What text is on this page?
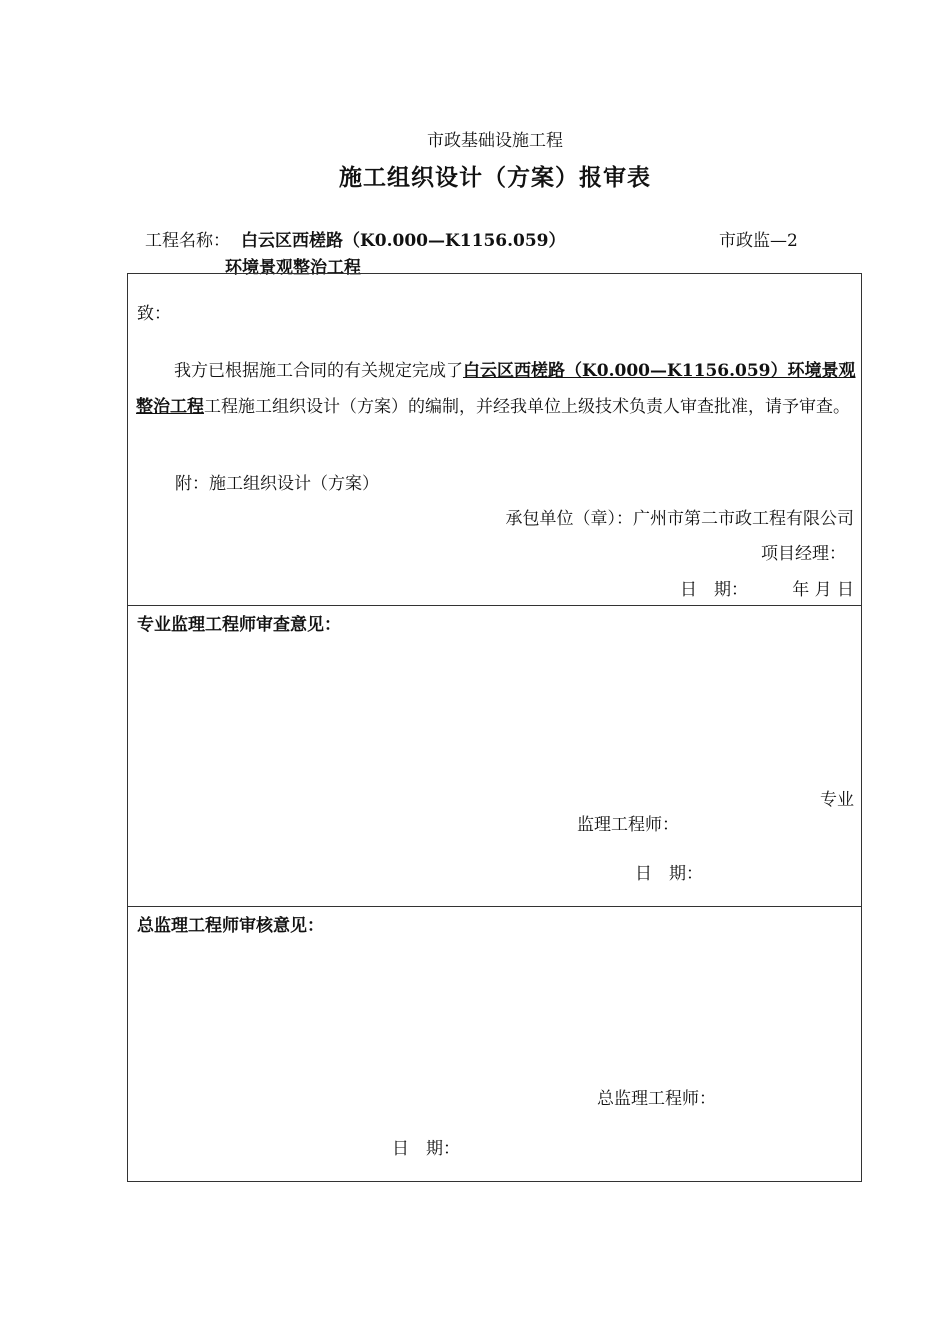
市政基础设施工程
施工组织设计（方案）报审表
工程名称： 白云区西槎路（K0.000—K1156.059）
环境景观整治工程
市政监—2
致：
我方已根据施工合同的有关规定完成了白云区西槎路（K0.000—K1156.059）环境景观整治工程工程施工组织设计（方案）的编制，并经我单位上级技术负责人审查批准，请予审查。
附：施工组织设计（方案）
承包单位（章）：广州市第二市政工程有限公司
项目经理：
日　期：	年 月 日
专业监理工程师审查意见：
专业
监理工程师：
日　期：
总监理工程师审核意见：
总监理工程师：
日　期：
